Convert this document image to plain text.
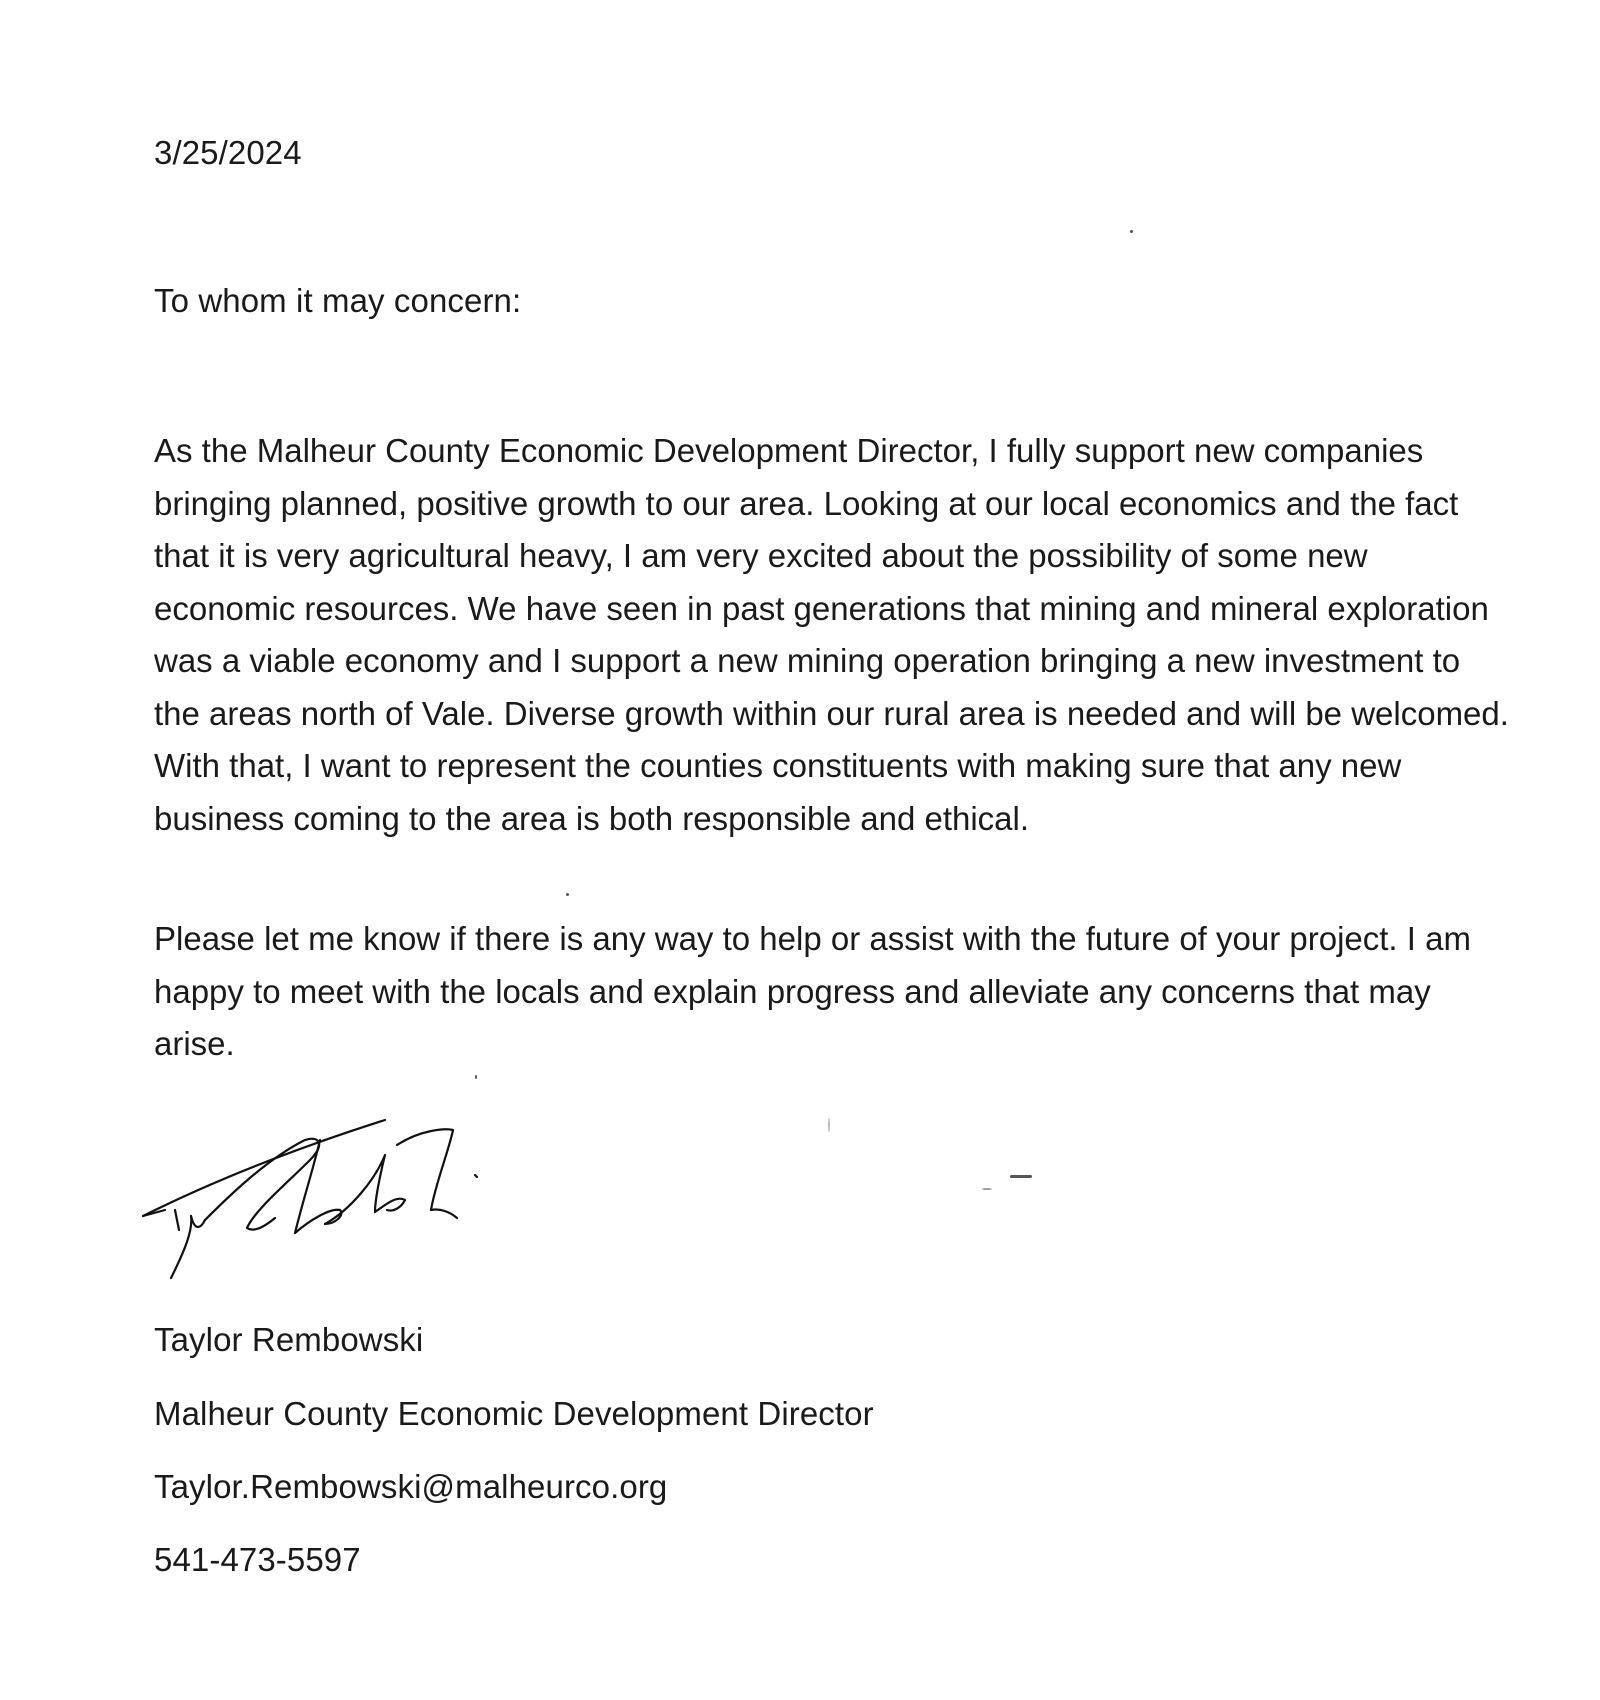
3/25/2024
To whom it may concern:

As the Malheur County Economic Development Director, I fully support new companies bringing planned, positive growth to our area. Looking at our local economics and the fact that it is very agricultural heavy, I am very excited about the possibility of some new economic resources. We have seen in past generations that mining and mineral exploration was a viable economy and I support a new mining operation bringing a new investment to the areas north of Vale. Diverse growth within our rural area is needed and will be welcomed. With that, I want to represent the counties constituents with making sure that any new business coming to the area is both responsible and ethical.

Please let me know if there is any way to help or assist with the future of your project. I am happy to meet with the locals and explain progress and alleviate any concerns that may arise.

Taylor Rembowski
Malheur County Economic Development Director
Taylor.Rembowski@malheurco.org
541-473-5597
